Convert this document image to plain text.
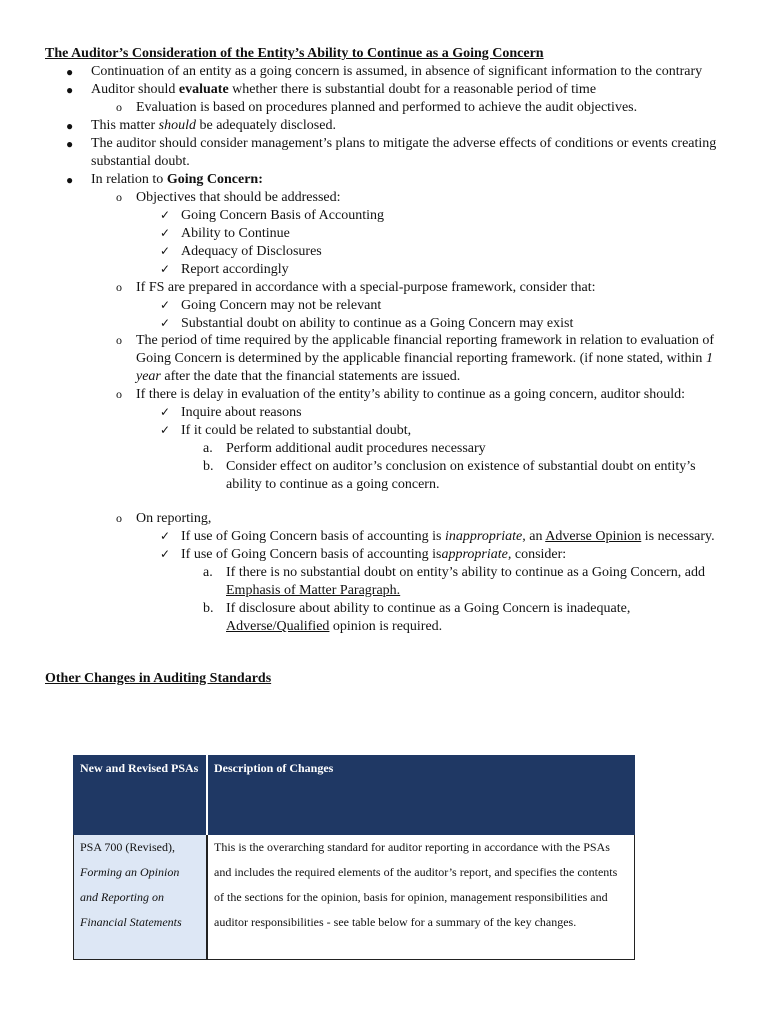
The Auditor’s Consideration of the Entity’s Ability to Continue as a Going Concern
● Continuation of an entity as a going concern is assumed, in absence of significant information to the contrary
● Auditor should evaluate whether there is substantial doubt for a reasonable period of time
o Evaluation is based on procedures planned and performed to achieve the audit objectives.
● This matter should be adequately disclosed.
● The auditor should consider management’s plans to mitigate the adverse effects of conditions or events creating
substantial doubt.
● In relation to Going Concern:
o Objectives that should be addressed:
✓ Going Concern Basis of Accounting
✓ Ability to Continue
✓ Adequacy of Disclosures
✓ Report accordingly
o If FS are prepared in accordance with a special-purpose framework, consider that:
✓ Going Concern may not be relevant
✓ Substantial doubt on ability to continue as a Going Concern may exist
o The period of time required by the applicable financial reporting framework in relation to evaluation of
Going Concern is determined by the applicable financial reporting framework. (if none stated, within 1
year after the date that the financial statements are issued.
o If there is delay in evaluation of the entity’s ability to continue as a going concern, auditor should:
✓ Inquire about reasons
✓ If it could be related to substantial doubt,
a. Perform additional audit procedures necessary
b. Consider effect on auditor’s conclusion on existence of substantial doubt on entity’s
ability to continue as a going concern.
o On reporting,
✓ If use of Going Concern basis of accounting is inappropriate, an Adverse Opinion is necessary.
✓ If use of Going Concern basis of accounting isappropriate, consider:
a. If there is no substantial doubt on entity’s ability to continue as a Going Concern, add
Emphasis of Matter Paragraph.
b. If disclosure about ability to continue as a Going Concern is inadequate,
Adverse/Qualified opinion is required.
Other Changes in Auditing Standards
New and Revised PSAs	Description of Changes

PSA 700 (Revised),
Forming an Opinion and Reporting on Financial Statements	This is the overarching standard for auditor reporting in accordance with the PSAs and includes the required elements of the auditor’s report, and specifies the contents of the sections for the opinion, basis for opinion, management responsibilities and auditor responsibilities - see table below for a summary of the key changes.
